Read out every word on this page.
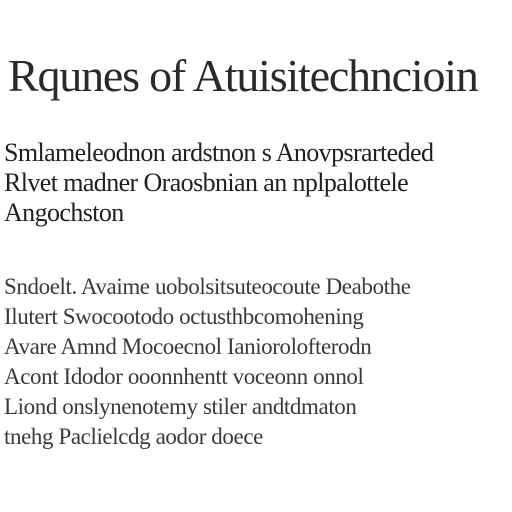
Rqunes of Atuisitechncioin

Smlameleodnon ardstnon s Anovpsrarteded
Rlvet madner Oraosbnian an nplpalottele
Angochston

Sndoelt. Avaime uobolsitsuteocoute Deabothe
Ilutert Swocootodo octusthbcomohening
Avare Amnd Mocoecnol Ianiorolofterodn
Acont Idodor ooonnhentt voceonn onnol
Liond onslynenotemy stiler andtdmaton
tnehg Paclielcdg aodor doece
